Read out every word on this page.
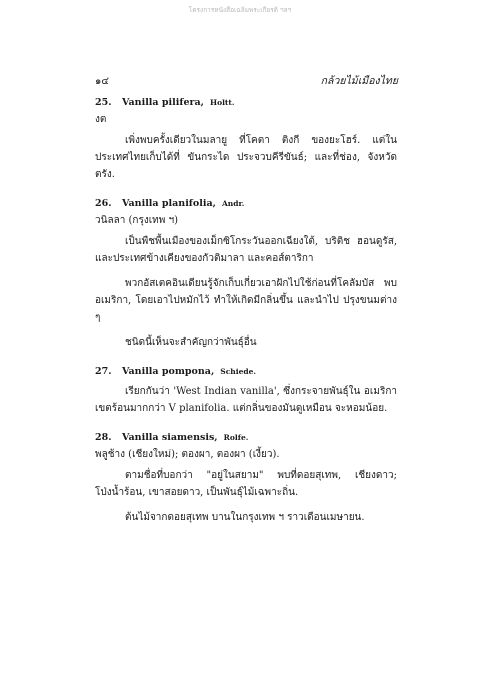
โครงการหนังสือเฉลิมพระเกียรติ ฯลฯ
๑๔	กล้วยไม้เมืองไทย
25. Vanilla pilifera, Holtt.
งต

เพิ่งพบครั้งเดียวในมลายู ที่โคตา ติงกี ของยะโฮร์. แต่ในประเทศไทยเก็บได้ที่ ขันกระได ประจวบคีรีขันธ์; และที่ช่อง, จังหวัดตรัง.

26. Vanilla planifolia, Andr.
วนิลลา (กรุงเทพ ฯ)

เป็นพืชพื้นเมืองของเม็กซิโกระวันออกเฉียงใต้, บริติช ฮอนดูรัส, และประเทศข้างเคียงของกัวติมาลา และคอส์ตาริกา

พวกอัสเตคอินเดียนรู้จักเก็บเกี่ยวเอาฝักไปใช้ก่อนที่โคลัมบัส พบอเมริกา, โดยเอาไปหมักไว้ ทำให้เกิดมีกลิ่นขึ้น และนำไป ปรุงขนมต่าง ๆ

ชนิดนี้เห็นจะสำคัญกว่าพันธุ์อื่น

27. Vanilla pompona, Schiede.

เรียกกันว่า 'West Indian vanilla', ซึ่งกระจายพันธุ์ใน อเมริกาเขตร้อนมากกว่า V planifolia. แต่กลิ่นของมันดูเหมือน จะหอมน้อย.

28. Vanilla siamensis, Rolfe.
พลูช้าง (เชียงใหม่); ตองผา, ตองผา (เงี้ยว).

ตามชื่อที่บอกว่า "อยู่ในสยาม" พบที่ดอยสุเทพ, เชียงดาว; โป่งน้ำร้อน, เขาสอยดาว, เป็นพันธุ์ไม้เฉพาะถิ่น.

ต้นไม้จากดอยสุเทพ บานในกรุงเทพ ฯ ราวเดือนเมษายน.
